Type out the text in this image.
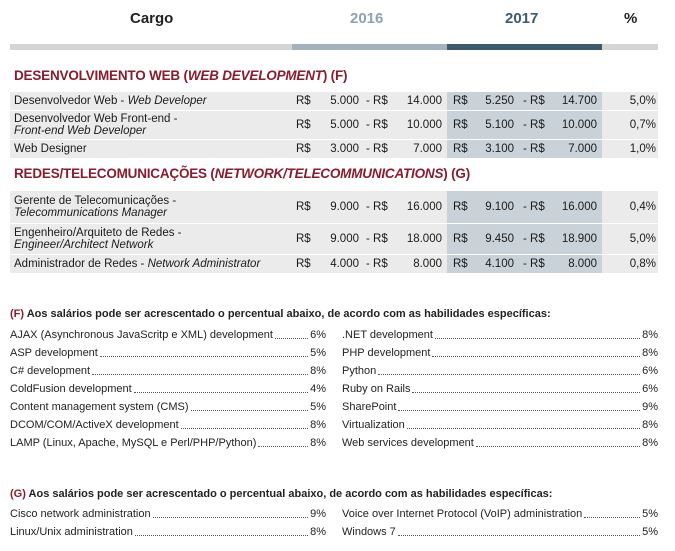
Cargo	2016	2017	%
DESENVOLVIMENTO WEB (WEB DEVELOPMENT) (F)
Desenvolvedor Web - Web Developer	R$ 5.000 - R$ 14.000 R$ 5.250 - R$ 14.700	5,0%
Desenvolvedor Web Front-end -
Front-end Web Developer	R$ 5.000 - R$ 10.000 R$ 5.100 - R$ 10.000	0,7%
Web Designer	R$ 3.000 - R$ 7.000 R$ 3.100 - R$ 7.000	1,0%
REDES/TELECOMUNICAÇÕES (NETWORK/TELECOMMUNICATIONS) (G)
Gerente de Telecomunicações -
Telecommunications Manager	R$ 9.000 - R$ 16.000 R$ 9.100 - R$ 16.000	0,4%
Engenheiro/Arquiteto de Redes -
Engineer/Architect Network	R$ 9.000 - R$ 18.000 R$ 9.450 - R$ 18.900	5,0%
Administrador de Redes - Network Administrator	R$ 4.000 - R$ 8.000 R$ 4.100 - R$ 8.000	0,8%
(F) Aos salários pode ser acrescentado o percentual abaixo, de acordo com as habilidades específicas:
AJAX (Asynchronous JavaScritp e XML) development	6%
ASP development	5%
C# development	8%
ColdFusion development	4%
Content management system (CMS)	5%
DCOM/COM/ActiveX development	8%
LAMP (Linux, Apache, MySQL e Perl/PHP/Python)	8%
.NET development	8%
PHP development	8%
Python	6%
Ruby on Rails	6%
SharePoint	9%
Virtualization	8%
Web services development	8%
(G) Aos salários pode ser acrescentado o percentual abaixo, de acordo com as habilidades específicas:
Cisco network administration	9%
Linux/Unix administration	8%
Voice over Internet Protocol (VoIP) administration	5%
Windows 7	5%
